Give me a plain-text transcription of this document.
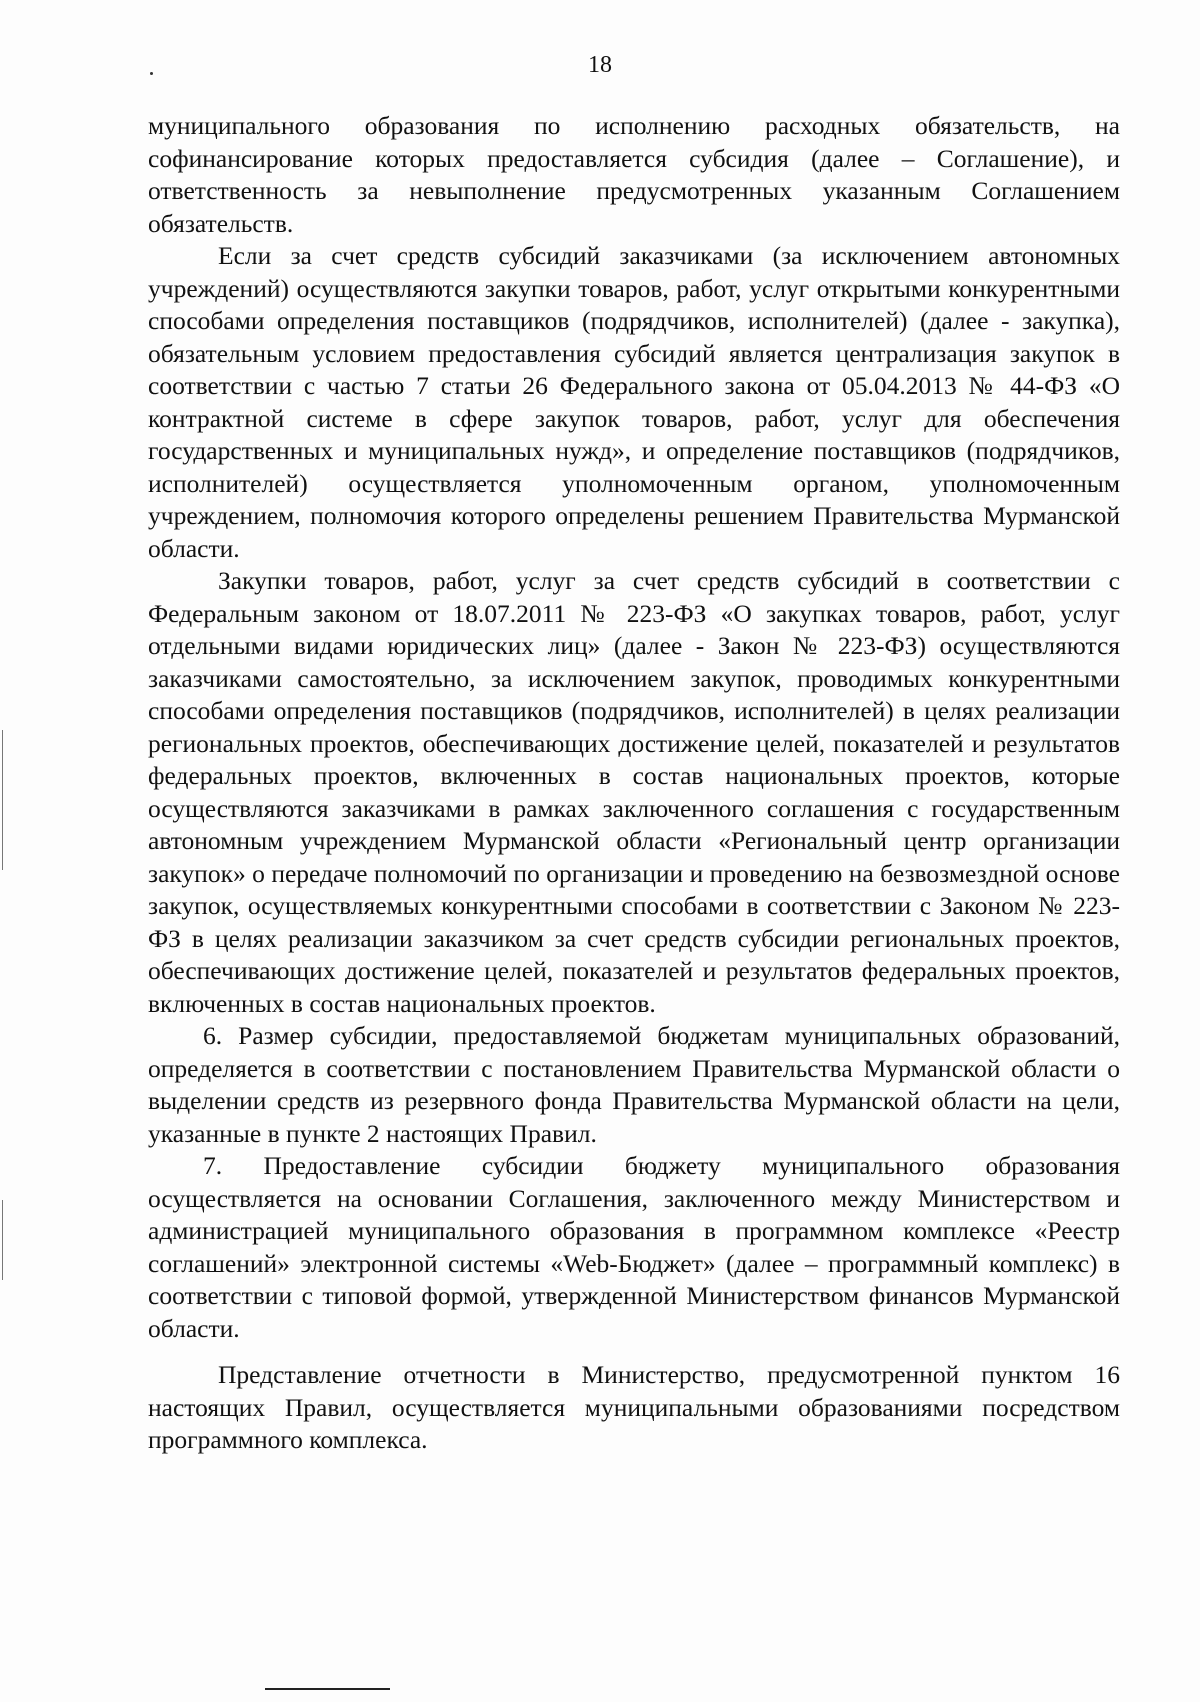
18

муниципального образования по исполнению расходных обязательств, на софинансирование которых предоставляется субсидия (далее – Соглашение), и ответственность за невыполнение предусмотренных указанным Соглашением обязательств.

Если за счет средств субсидий заказчиками (за исключением автономных учреждений) осуществляются закупки товаров, работ, услуг открытыми конкурентными способами определения поставщиков (подрядчиков, исполнителей) (далее - закупка), обязательным условием предоставления субсидий является централизация закупок в соответствии с частью 7 статьи 26 Федерального закона от 05.04.2013 № 44-ФЗ «О контрактной системе в сфере закупок товаров, работ, услуг для обеспечения государственных и муниципальных нужд», и определение поставщиков (подрядчиков, исполнителей) осуществляется уполномоченным органом, уполномоченным учреждением, полномочия которого определены решением Правительства Мурманской области.

Закупки товаров, работ, услуг за счет средств субсидий в соответствии с Федеральным законом от 18.07.2011 № 223-ФЗ «О закупках товаров, работ, услуг отдельными видами юридических лиц» (далее - Закон № 223-ФЗ) осуществляются заказчиками самостоятельно, за исключением закупок, проводимых конкурентными способами определения поставщиков (подрядчиков, исполнителей) в целях реализации региональных проектов, обеспечивающих достижение целей, показателей и результатов федеральных проектов, включенных в состав национальных проектов, которые осуществляются заказчиками в рамках заключенного соглашения с государственным автономным учреждением Мурманской области «Региональный центр организации закупок» о передаче полномочий по организации и проведению на безвозмездной основе закупок, осуществляемых конкурентными способами в соответствии с Законом № 223-ФЗ в целях реализации заказчиком за счет средств субсидии региональных проектов, обеспечивающих достижение целей, показателей и результатов федеральных проектов, включенных в состав национальных проектов.

6. Размер субсидии, предоставляемой бюджетам муниципальных образований, определяется в соответствии с постановлением Правительства Мурманской области о выделении средств из резервного фонда Правительства Мурманской области на цели, указанные в пункте 2 настоящих Правил.

7. Предоставление субсидии бюджету муниципального образования осуществляется на основании Соглашения, заключенного между Министерством и администрацией муниципального образования в программном комплексе «Реестр соглашений» электронной системы «Web-Бюджет» (далее – программный комплекс) в соответствии с типовой формой, утвержденной Министерством финансов Мурманской области.

Представление отчетности в Министерство, предусмотренной пунктом 16 настоящих Правил, осуществляется муниципальными образованиями посредством программного комплекса.
